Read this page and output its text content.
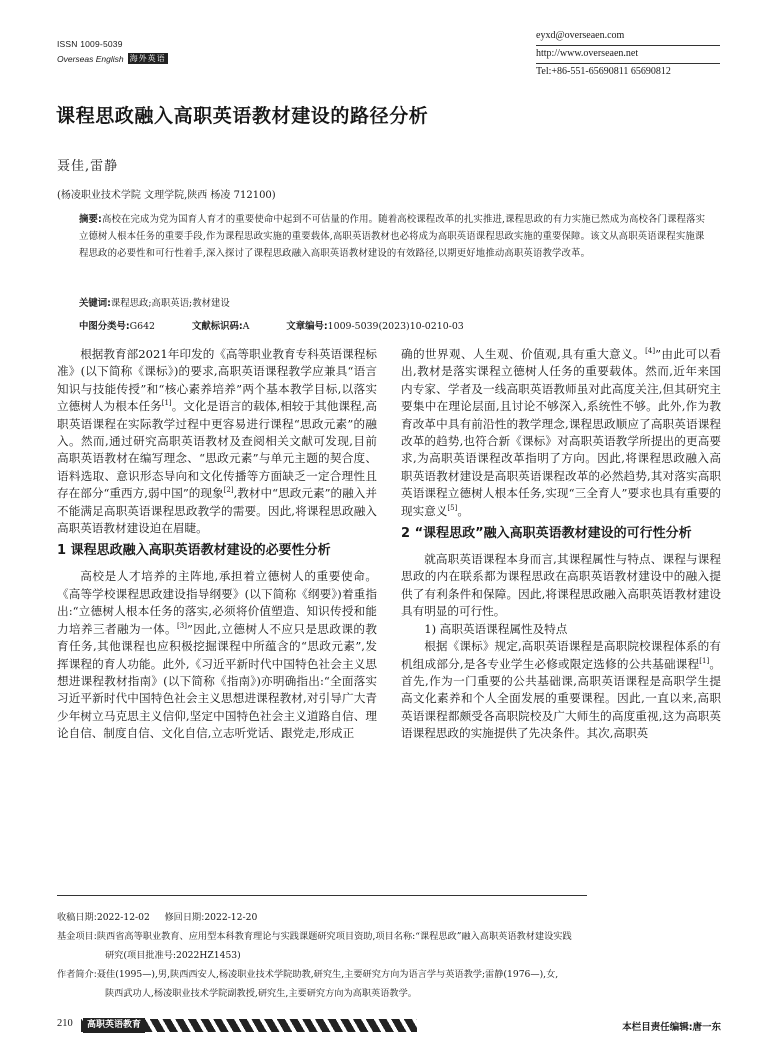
ISSN 1009-5039
Overseas English 海外英语
eyxd@overseaen.com
http://www.overseaen.net
Tel:+86-551-65690811 65690812
课程思政融入高职英语教材建设的路径分析
聂佳,雷静
(杨凌职业技术学院 文理学院,陕西 杨凌 712100)
摘要:高校在完成为党为国育人育才的重要使命中起到不可估量的作用。随着高校课程改革的扎实推进,课程思政的有力实施已然成为高校各门课程落实立德树人根本任务的重要手段,作为课程思政实施的重要载体,高职英语教材也必将成为高职英语课程思政实施的重要保障。该文从高职英语课程实施课程思政的必要性和可行性着手,深入探讨了课程思政融入高职英语教材建设的有效路径,以期更好地推动高职英语教学改革。
关键词:课程思政;高职英语;教材建设
中图分类号:G642	文献标识码:A	文章编号:1009-5039(2023)10-0210-03

根据教育部2021年印发的《高等职业教育专科英语课程标准》(以下简称《课标》)的要求,高职英语课程教学应兼具“语言知识与技能传授”和“核心素养培养”两个基本教学目标,以落实立德树人为根本任务[1]。文化是语言的载体,相较于其他课程,高职英语课程在实际教学过程中更容易进行课程“思政元素”的融入。然而,通过研究高职英语教材及查阅相关文献可发现,目前高职英语教材在编写理念、“思政元素”与单元主题的契合度、语料选取、意识形态导向和文化传播等方面缺乏一定合理性且存在部分“重西方,弱中国”的现象[2],教材中“思政元素”的融入并不能满足高职英语课程思政教学的需要。因此,将课程思政融入高职英语教材建设迫在眉睫。

1 课程思政融入高职英语教材建设的必要性分析

高校是人才培养的主阵地,承担着立德树人的重要使命。《高等学校课程思政建设指导纲要》(以下简称《纲要》)着重指出:“立德树人根本任务的落实,必须将价值塑造、知识传授和能力培养三者融为一体。[3]”因此,立德树人不应只是思政课的教育任务,其他课程也应积极挖掘课程中所蕴含的“思政元素”,发挥课程的育人功能。此外,《习近平新时代中国特色社会主义思想进课程教材指南》(以下简称《指南》)亦明确指出:“全面落实习近平新时代中国特色社会主义思想进课程教材,对引导广大青少年树立马克思主义信仰,坚定中国特色社会主义道路自信、理论自信、制度自信、文化自信,立志听党话、跟党走,形成正

确的世界观、人生观、价值观,具有重大意义。[4]”由此可以看出,教材是落实课程立德树人任务的重要载体。然而,近年来国内专家、学者及一线高职英语教师虽对此高度关注,但其研究主要集中在理论层面,且讨论不够深入,系统性不够。此外,作为教育改革中具有前沿性的教学理念,课程思政顺应了高职英语课程改革的趋势,也符合新《课标》对高职英语教学所提出的更高要求,为高职英语课程改革指明了方向。因此,将课程思政融入高职英语教材建设是高职英语课程改革的必然趋势,其对落实高职英语课程立德树人根本任务,实现“三全育人”要求也具有重要的现实意义[5]。

2 “课程思政”融入高职英语教材建设的可行性分析

就高职英语课程本身而言,其课程属性与特点、课程与课程思政的内在联系都为课程思政在高职英语教材建设中的融入提供了有利条件和保障。因此,将课程思政融入高职英语教材建设具有明显的可行性。

1) 高职英语课程属性及特点

根据《课标》规定,高职英语课程是高职院校课程体系的有机组成部分,是各专业学生必修或限定选修的公共基础课程[1]。首先,作为一门重要的公共基础课,高职英语课程是高职学生提高文化素养和个人全面发展的重要课程。因此,一直以来,高职英语课程都颇受各高职院校及广大师生的高度重视,这为高职英语课程思政的实施提供了先决条件。其次,高职英

收稿日期:2022-12-02 修回日期:2022-12-20
基金项目:陕西省高等职业教育、应用型本科教育理论与实践课题研究项目资助,项目名称:“课程思政”融入高职英语教材建设实践
研究(项目批准号:2022HZ1453)
作者简介:聂佳(1995—),男,陕西西安人,杨凌职业技术学院助教,研究生,主要研究方向为语言学与英语教学;雷静(1976—),女,
陕西武功人,杨凌职业技术学院副教授,研究生,主要研究方向为高职英语教学。
210	高职英语教育	本栏目责任编辑:唐一东
